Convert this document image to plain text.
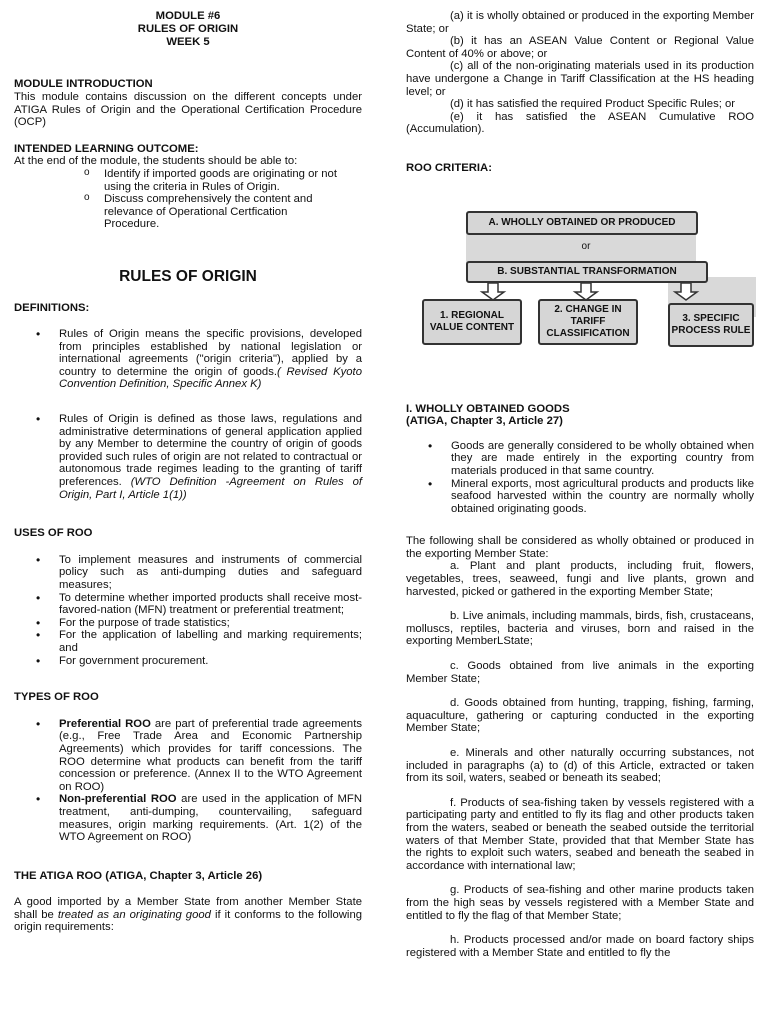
MODULE #6
RULES OF ORIGIN
WEEK 5
MODULE INTRODUCTION

This module contains discussion on the different concepts under ATIGA Rules of Origin and the Operational Certification Procedure (OCP)

INTENDED LEARNING OUTCOME:

At the end of the module, the students should be able to:

o Identify if imported goods are originating or not using the criteria in Rules of Origin.
o Discuss comprehensively the content and relevance of Operational Certfication Procedure.
RULES OF ORIGIN
DEFINITIONS:
• Rules of Origin means the specific provisions, developed from principles established by national legislation or international agreements ("origin criteria"), applied by a country to determine the origin of goods.( Revised Kyoto Convention Definition, Specific Annex K)
• Rules of Origin is defined as those laws, regulations and administrative determinations of general application applied by any Member to determine the country of origin of goods provided such rules of origin are not related to contractual or autonomous trade regimes leading to the granting of tariff preferences. (WTO Definition -Agreement on Rules of Origin, Part I, Article 1(1))
USES OF ROO
• To implement measures and instruments of commercial policy such as anti-dumping duties and safeguard measures;
• To determine whether imported products shall receive most-favored-nation (MFN) treatment or preferential treatment;
• For the purpose of trade statistics;
• For the application of labelling and marking requirements; and
• For government procurement.
TYPES OF ROO
• Preferential ROO are part of preferential trade agreements (e.g., Free Trade Area and Economic Partnership Agreements) which provides for tariff concessions. The ROO determine what products can benefit from the tariff concession or preference. (Annex II to the WTO Agreement on ROO)
• Non-preferential ROO are used in the application of MFN treatment, anti-dumping, countervailing, safeguard measures, origin marking requirements. (Art. 1(2) of the WTO Agreement on ROO)
THE ATIGA ROO (ATIGA, Chapter 3, Article 26)

A good imported by a Member State from another Member State shall be treated as an originating good if it conforms to the following origin requirements:

(a) it is wholly obtained or produced in the exporting Member State; or

(b) it has an ASEAN Value Content or Regional Value Content of 40% or above; or

(c) all of the non-originating materials used in its production have undergone a Change in Tariff Classification at the HS heading level; or

(d) it has satisfied the required Product Specific Rules; or

(e) it has satisfied the ASEAN Cumulative ROO (Accumulation).

ROO CRITERIA:
A. WHOLLY OBTAINED OR PRODUCED
or
B. SUBSTANTIAL TRANSFORMATION
1. REGIONAL VALUE CONTENT
2. CHANGE IN TARIFF CLASSIFICATION
3. SPECIFIC PROCESS RULE
I. WHOLLY OBTAINED GOODS
(ATIGA, Chapter 3, Article 27)
• Goods are generally considered to be wholly obtained when they are made entirely in the exporting country from materials produced in that same country.
• Mineral exports, most agricultural products and products like seafood harvested within the country are normally wholly obtained originating goods.

The following shall be considered as wholly obtained or produced in the exporting Member State:

a. Plant and plant products, including fruit, flowers, vegetables, trees, seaweed, fungi and live plants, grown and harvested, picked or gathered in the exporting Member State;

b. Live animals, including mammals, birds, fish, crustaceans, molluscs, reptiles, bacteria and viruses, born and raised in the exporting MemberLState;

c. Goods obtained from live animals in the exporting Member State;

d. Goods obtained from hunting, trapping, fishing, farming, aquaculture, gathering or capturing conducted in the exporting Member State;

e. Minerals and other naturally occurring substances, not included in paragraphs (a) to (d) of this Article, extracted or taken from its soil, waters, seabed or beneath its seabed;

f. Products of sea-fishing taken by vessels registered with a participating party and entitled to fly its flag and other products taken from the waters, seabed or beneath the seabed outside the territorial waters of that Member State, provided that that Member State has the rights to exploit such waters, seabed and beneath the seabed in accordance with international law;

g. Products of sea-fishing and other marine products taken from the high seas by vessels registered with a Member State and entitled to fly the flag of that Member State;

h. Products processed and/or made on board factory ships registered with a Member State and entitled to fly the
